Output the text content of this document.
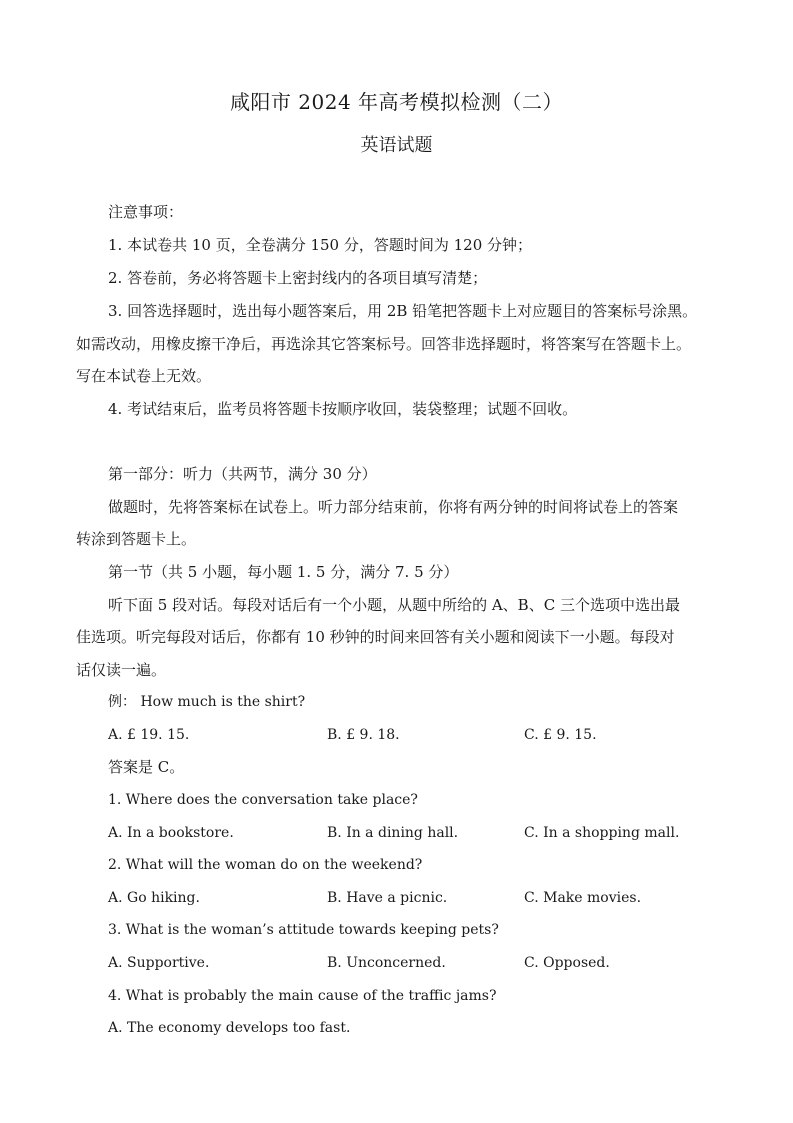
咸阳市 2024 年高考模拟检测（二）
英语试题
注意事项：
1. 本试卷共 10 页，全卷满分 150 分，答题时间为 120 分钟；
2. 答卷前，务必将答题卡上密封线内的各项目填写清楚；
3. 回答选择题时，选出每小题答案后，用 2B 铅笔把答题卡上对应题目的答案标号涂黑。
如需改动，用橡皮擦干净后，再选涂其它答案标号。回答非选择题时，将答案写在答题卡上。
写在本试卷上无效。
4. 考试结束后，监考员将答题卡按顺序收回，装袋整理；试题不回收。
第一部分：听力（共两节，满分 30 分）
做题时，先将答案标在试卷上。听力部分结束前，你将有两分钟的时间将试卷上的答案
转涂到答题卡上。
第一节（共 5 小题，每小题 1. 5 分，满分 7. 5 分）
听下面 5 段对话。每段对话后有一个小题，从题中所给的 A、B、C 三个选项中选出最
佳选项。听完每段对话后，你都有 10 秒钟的时间来回答有关小题和阅读下一小题。每段对
话仅读一遍。
例： How much is the shirt?
A. £ 19. 15.	B. £ 9. 18.	C. £ 9. 15.
答案是 C。
1. Where does the conversation take place?
A. In a bookstore.	B. In a dining hall.	C. In a shopping mall.
2. What will the woman do on the weekend?
A. Go hiking.	B. Have a picnic.	C. Make movies.
3. What is the woman’s attitude towards keeping pets?
A. Supportive.	B. Unconcerned.	C. Opposed.
4. What is probably the main cause of the traffic jams?
A. The economy develops too fast.
